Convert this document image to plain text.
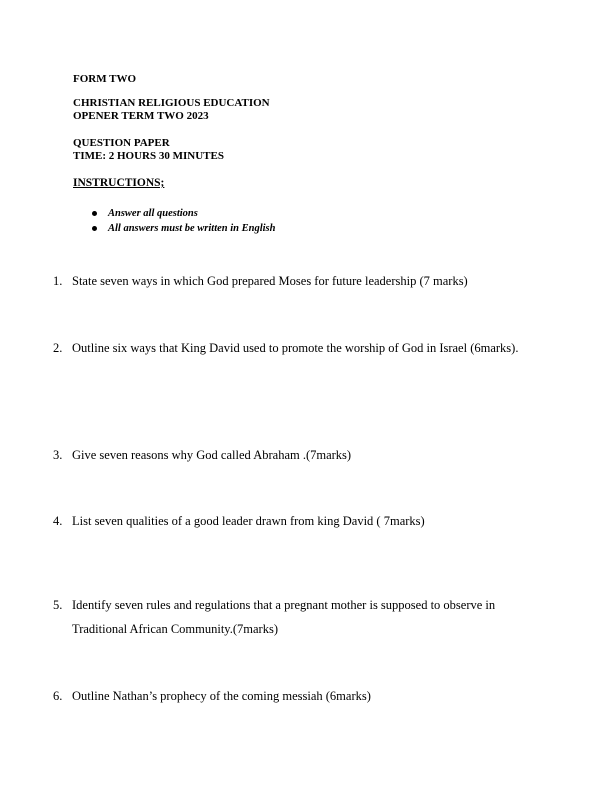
FORM TWO
CHRISTIAN RELIGIOUS EDUCATION
OPENER TERM TWO 2023
QUESTION PAPER
TIME: 2 HOURS 30 MINUTES
INSTRUCTIONS;
Answer all questions
All answers must be written in English
1. State seven ways in which God prepared Moses for future leadership (7 marks)
2. Outline six ways that King David used to promote the worship of God in Israel (6marks).
3. Give seven reasons why God called Abraham .(7marks)
4. List seven qualities of a good leader drawn from king David ( 7marks)
5. Identify seven rules and regulations that a pregnant mother is supposed to observe in Traditional African Community.(7marks)
6. Outline Nathan’s prophecy of the coming messiah (6marks)
